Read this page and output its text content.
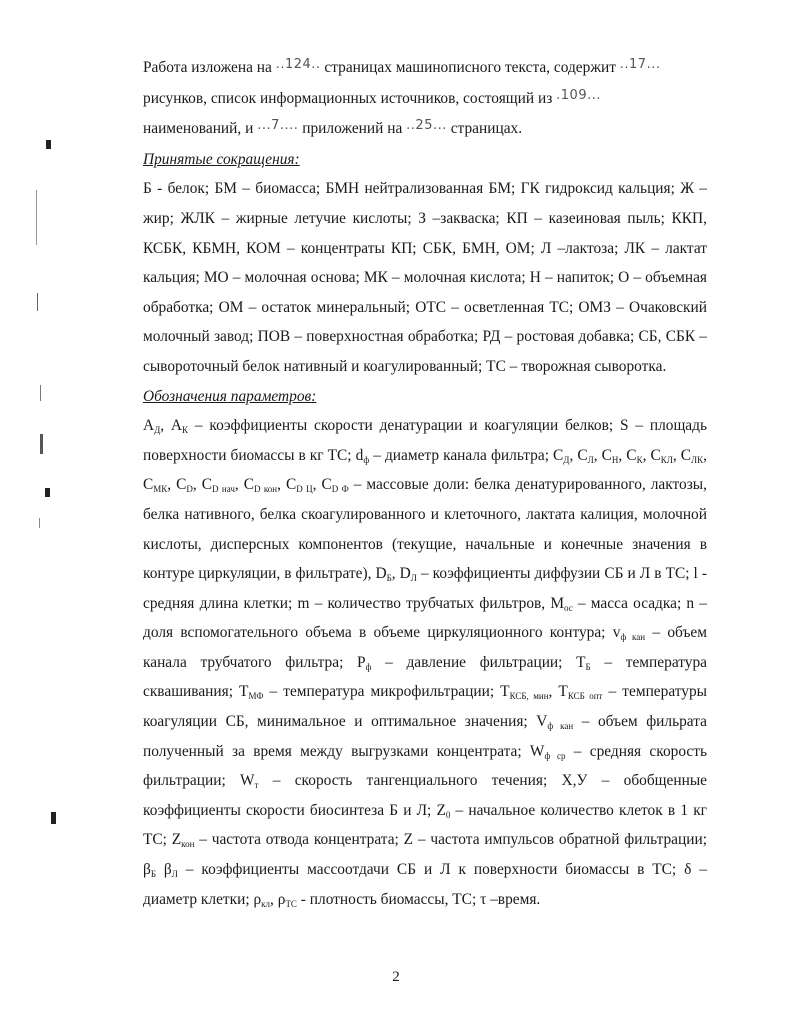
Работа изложена на $^{..124..}$ страницах машинописного текста, содержит $^{..17...}$

рисунков, список информационных источников, состоящий из $^{.109...}$

наименований, и $^{...7....}$ приложений на $^{..25...}$ страницах.

Принятые сокращения:

Б - белок; БМ – биомасса; БМН нейтрализованная БМ; ГК гидроксид кальция; Ж – жир; ЖЛК – жирные летучие кислоты; З –закваска; КП – казеиновая пыль; ККП, КСБК, КБМН, КОМ – концентраты КП; СБК, БМН, ОМ; Л –лактоза; ЛК – лактат кальция; МО – молочная основа; МК – молочная кислота; Н – напиток; О – объемная обработка; ОМ – остаток минеральный; ОТС – осветленная ТС; ОМЗ – Очаковский молочный завод; ПОВ – поверхностная обработка; РД – ростовая добавка; СБ, СБК – сывороточный белок нативный и коагулированный; ТС – творожная сыворотка.

Обозначения параметров:

$А_Д$, $А_К$ – коэффициенты скорости денатурации и коагуляции белков; S – площадь поверхности биомассы в кг ТС; $d_ф$ – диаметр канала фильтра; $С_Д$, $С_Л$, $С_Н$, $С_К$, $С_{КЛ}$, $С_{ЛК}$, $С_{МК}$, $С_D$, $С_{D нач}$, $С_{D кон}$, $С_{D Ц}$, $С_{D Ф}$ – массовые доли: белка денатурированного, лактозы, белка нативного, белка скоагулированного и клеточного, лактата калиция, молочной кислоты, дисперсных компонентов (текущие, начальные и конечные значения в контуре циркуляции, в фильтрате), $D_Б$, $D_Л$ – коэффициенты диффузии СБ и Л в ТС; l - средняя длина клетки; m – количество трубчатых фильтров, $М_{ос}$ – масса осадка; n – доля вспомогательного объема в объеме циркуляционного контура; $v_{ф кан}$ – объем канала трубчатого фильтра; $Р_ф$ – давление фильтрации; $Т_Б$ – температура сквашивания; $Т_{МФ}$ – температура микрофильтрации; $Т_{КСБ, мин}$, $Т_{КСБ опт}$ – температуры коагуляции СБ, минимальное и оптимальное значения; $V_{ф кан}$ – объем фильрата полученный за время между выгрузками концентрата; $W_{ф ср}$ – средняя скорость фильтрации; $W_т$ – скорость тангенциального течения; Х,У – обобщенные коэффициенты скорости биосинтеза Б и Л; $Z_0$ – начальное количество клеток в 1 кг ТС; $Z_{кон}$ – частота отвода концентрата; Z – частота импульсов обратной фильтрации; $\beta_Б$ $\beta_Л$ – коэффициенты массоотдачи СБ и Л к поверхности биомассы в ТС; δ – диаметр клетки; $\rho_{кл}$, $\rho_{ТС}$ - плотность биомассы, ТС; τ –время.

2
